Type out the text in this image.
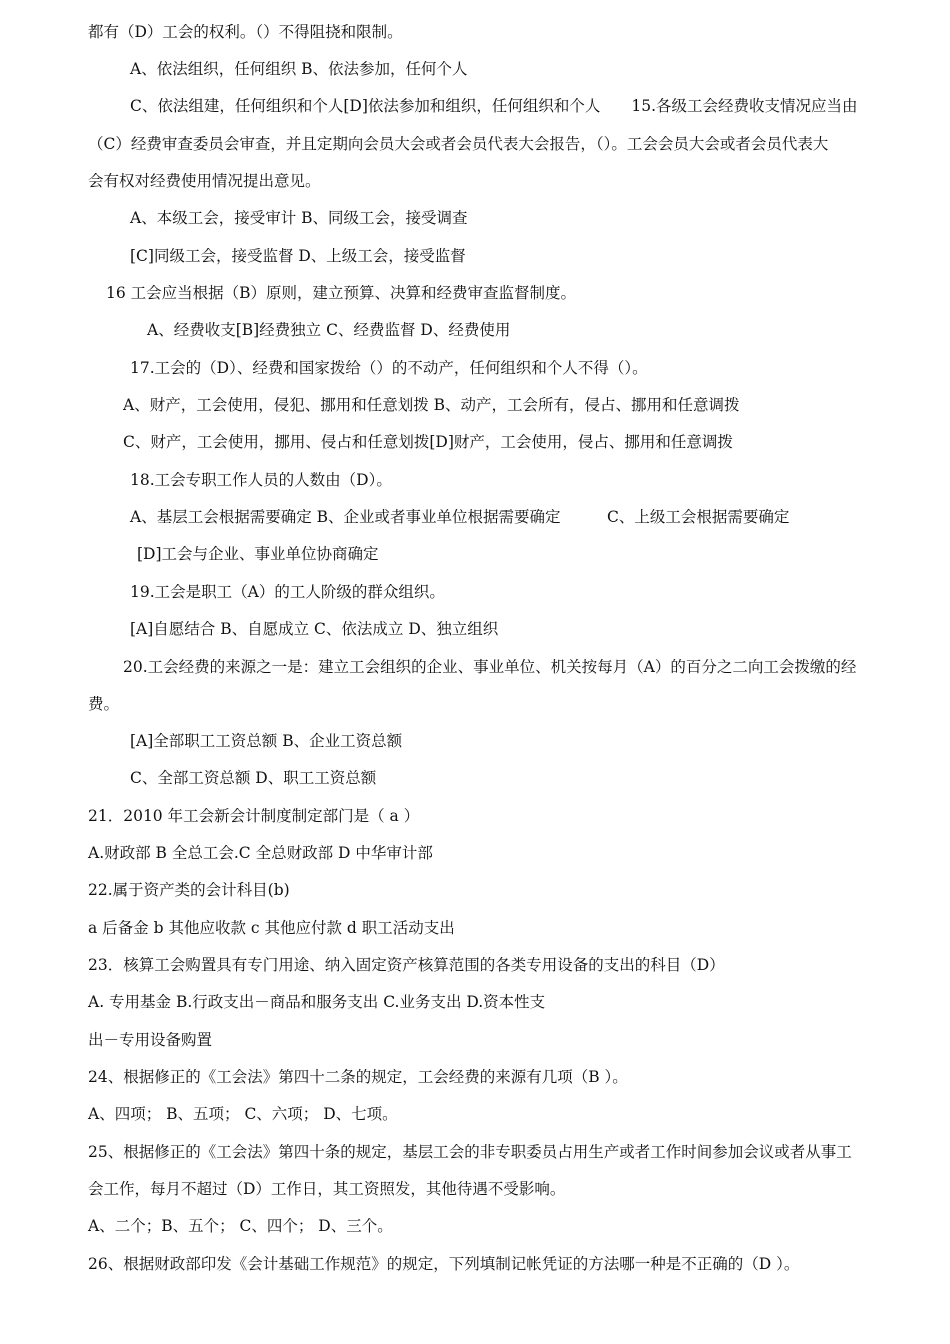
都有（D）工会的权利。（）不得阻挠和限制。
A、依法组织，任何组织 B、依法参加，任何个人
C、依法组建，任何组织和个人[D]依法参加和组织，任何组织和个人　　15.各级工会经费收支情况应当由
（C）经费审查委员会审查，并且定期向会员大会或者会员代表大会报告，（）。工会会员大会或者会员代表大
会有权对经费使用情况提出意见。
A、本级工会，接受审计 B、同级工会，接受调查
[C]同级工会，接受监督 D、上级工会，接受监督
16 工会应当根据（B）原则，建立预算、决算和经费审查监督制度。
A、经费收支[B]经费独立 C、经费监督 D、经费使用
17.工会的（D）、经费和国家拨给（）的不动产，任何组织和个人不得（）。
A、财产，工会使用，侵犯、挪用和任意划拨 B、动产，工会所有，侵占、挪用和任意调拨
C、财产，工会使用，挪用、侵占和任意划拨[D]财产，工会使用，侵占、挪用和任意调拨
18.工会专职工作人员的人数由（D）。
A、基层工会根据需要确定 B、企业或者事业单位根据需要确定　　　C、上级工会根据需要确定
[D]工会与企业、事业单位协商确定
19.工会是职工（A）的工人阶级的群众组织。
[A]自愿结合 B、自愿成立 C、依法成立 D、独立组织
20.工会经费的来源之一是：建立工会组织的企业、事业单位、机关按每月（A）的百分之二向工会拨缴的经
费。
[A]全部职工工资总额 B、企业工资总额
C、全部工资总额 D、职工工资总额
21．2010 年工会新会计制度制定部门是（ a ）
A.财政部 B 全总工会.C 全总财政部 D 中华审计部
22.属于资产类的会计科目(b)
a 后备金 b 其他应收款 c 其他应付款 d 职工活动支出
23．核算工会购置具有专门用途、纳入固定资产核算范围的各类专用设备的支出的科目（D）
A. 专用基金 B.行政支出－商品和服务支出 C.业务支出 D.资本性支
出－专用设备购置
24、根据修正的《工会法》第四十二条的规定，工会经费的来源有几项（B ）。
A、四项； B、五项； C、六项； D、七项。
25、根据修正的《工会法》第四十条的规定，基层工会的非专职委员占用生产或者工作时间参加会议或者从事工
会工作，每月不超过（D）工作日，其工资照发，其他待遇不受影响。
A、二个；B、五个； C、四个； D、三个。
26、根据财政部印发《会计基础工作规范》的规定，下列填制记帐凭证的方法哪一种是不正确的（D ）。
